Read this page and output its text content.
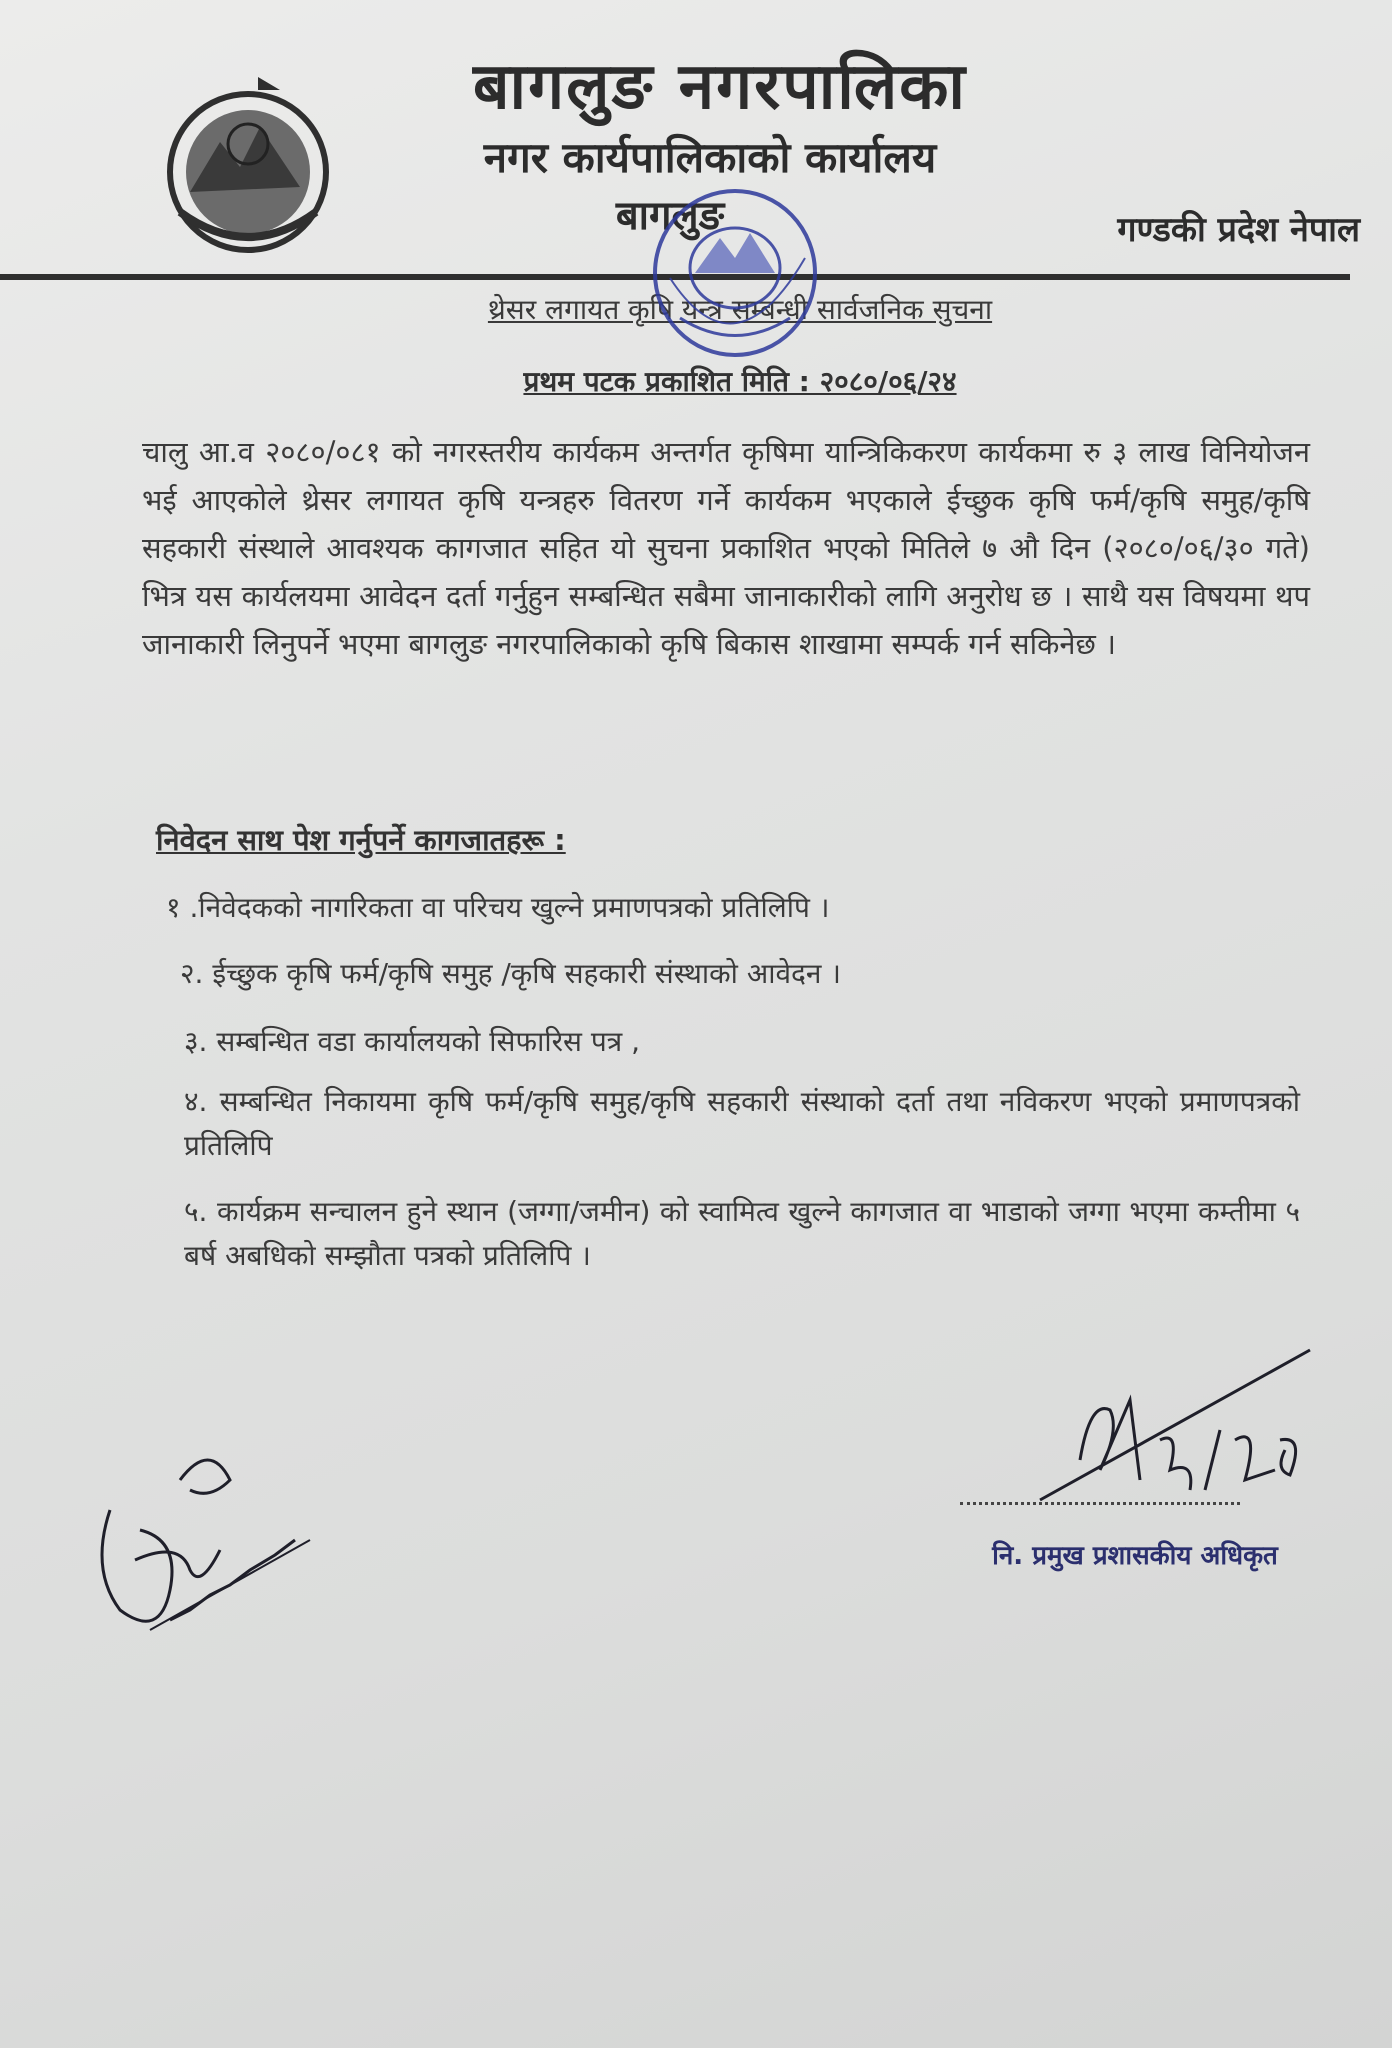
बागलुङ नगरपालिका
नगर कार्यपालिकाको कार्यालय
बागलुङ	गण्डकी प्रदेश नेपाल
थ्रेसर लगायत कृषि यन्त्र सम्बन्धी सार्वजनिक सुचना
प्रथम पटक प्रकाशित मिति : २०८०/०६/२४
चालु आ.व २०८०/०८१ को नगरस्तरीय कार्यकम अन्तर्गत कृषिमा यान्त्रिकिकरण कार्यकमा रु ३ लाख विनियोजन भई आएकोले थ्रेसर लगायत कृषि यन्त्रहरु वितरण गर्ने कार्यकम भएकाले ईच्छुक कृषि फर्म/कृषि समुह/कृषि सहकारी संस्थाले आवश्यक कागजात सहित यो सुचना प्रकाशित भएको मितिले ७ औ दिन (२०८०/०६/३० गते) भित्र यस कार्यलयमा आवेदन दर्ता गर्नुहुन सम्बन्धित सबैमा जानाकारीको लागि अनुरोध छ । साथै यस विषयमा थप जानाकारी लिनुपर्ने भएमा बागलुङ नगरपालिकाको कृषि बिकास शाखामा सम्पर्क गर्न सकिनेछ ।
निवेदन साथ पेश गर्नुपर्ने कागजातहरू :
१ .निवेदकको नागरिकता वा परिचय खुल्ने प्रमाणपत्रको प्रतिलिपि ।
२. ईच्छुक कृषि फर्म/कृषि समुह /कृषि सहकारी संस्थाको आवेदन ।
३. सम्बन्धित वडा कार्यालयको सिफारिस पत्र ,
४. सम्बन्धित निकायमा कृषि फर्म/कृषि समुह/कृषि सहकारी संस्थाको दर्ता तथा नविकरण भएको प्रमाणपत्रको प्रतिलिपि
५. कार्यक्रम सन्चालन हुने स्थान (जग्गा/जमीन) को स्वामित्व खुल्ने कागजात वा भाडाको जग्गा भएमा कम्तीमा ५ बर्ष अबधिको सम्झौता पत्रको प्रतिलिपि ।
नि. प्रमुख प्रशासकीय अधिकृत
